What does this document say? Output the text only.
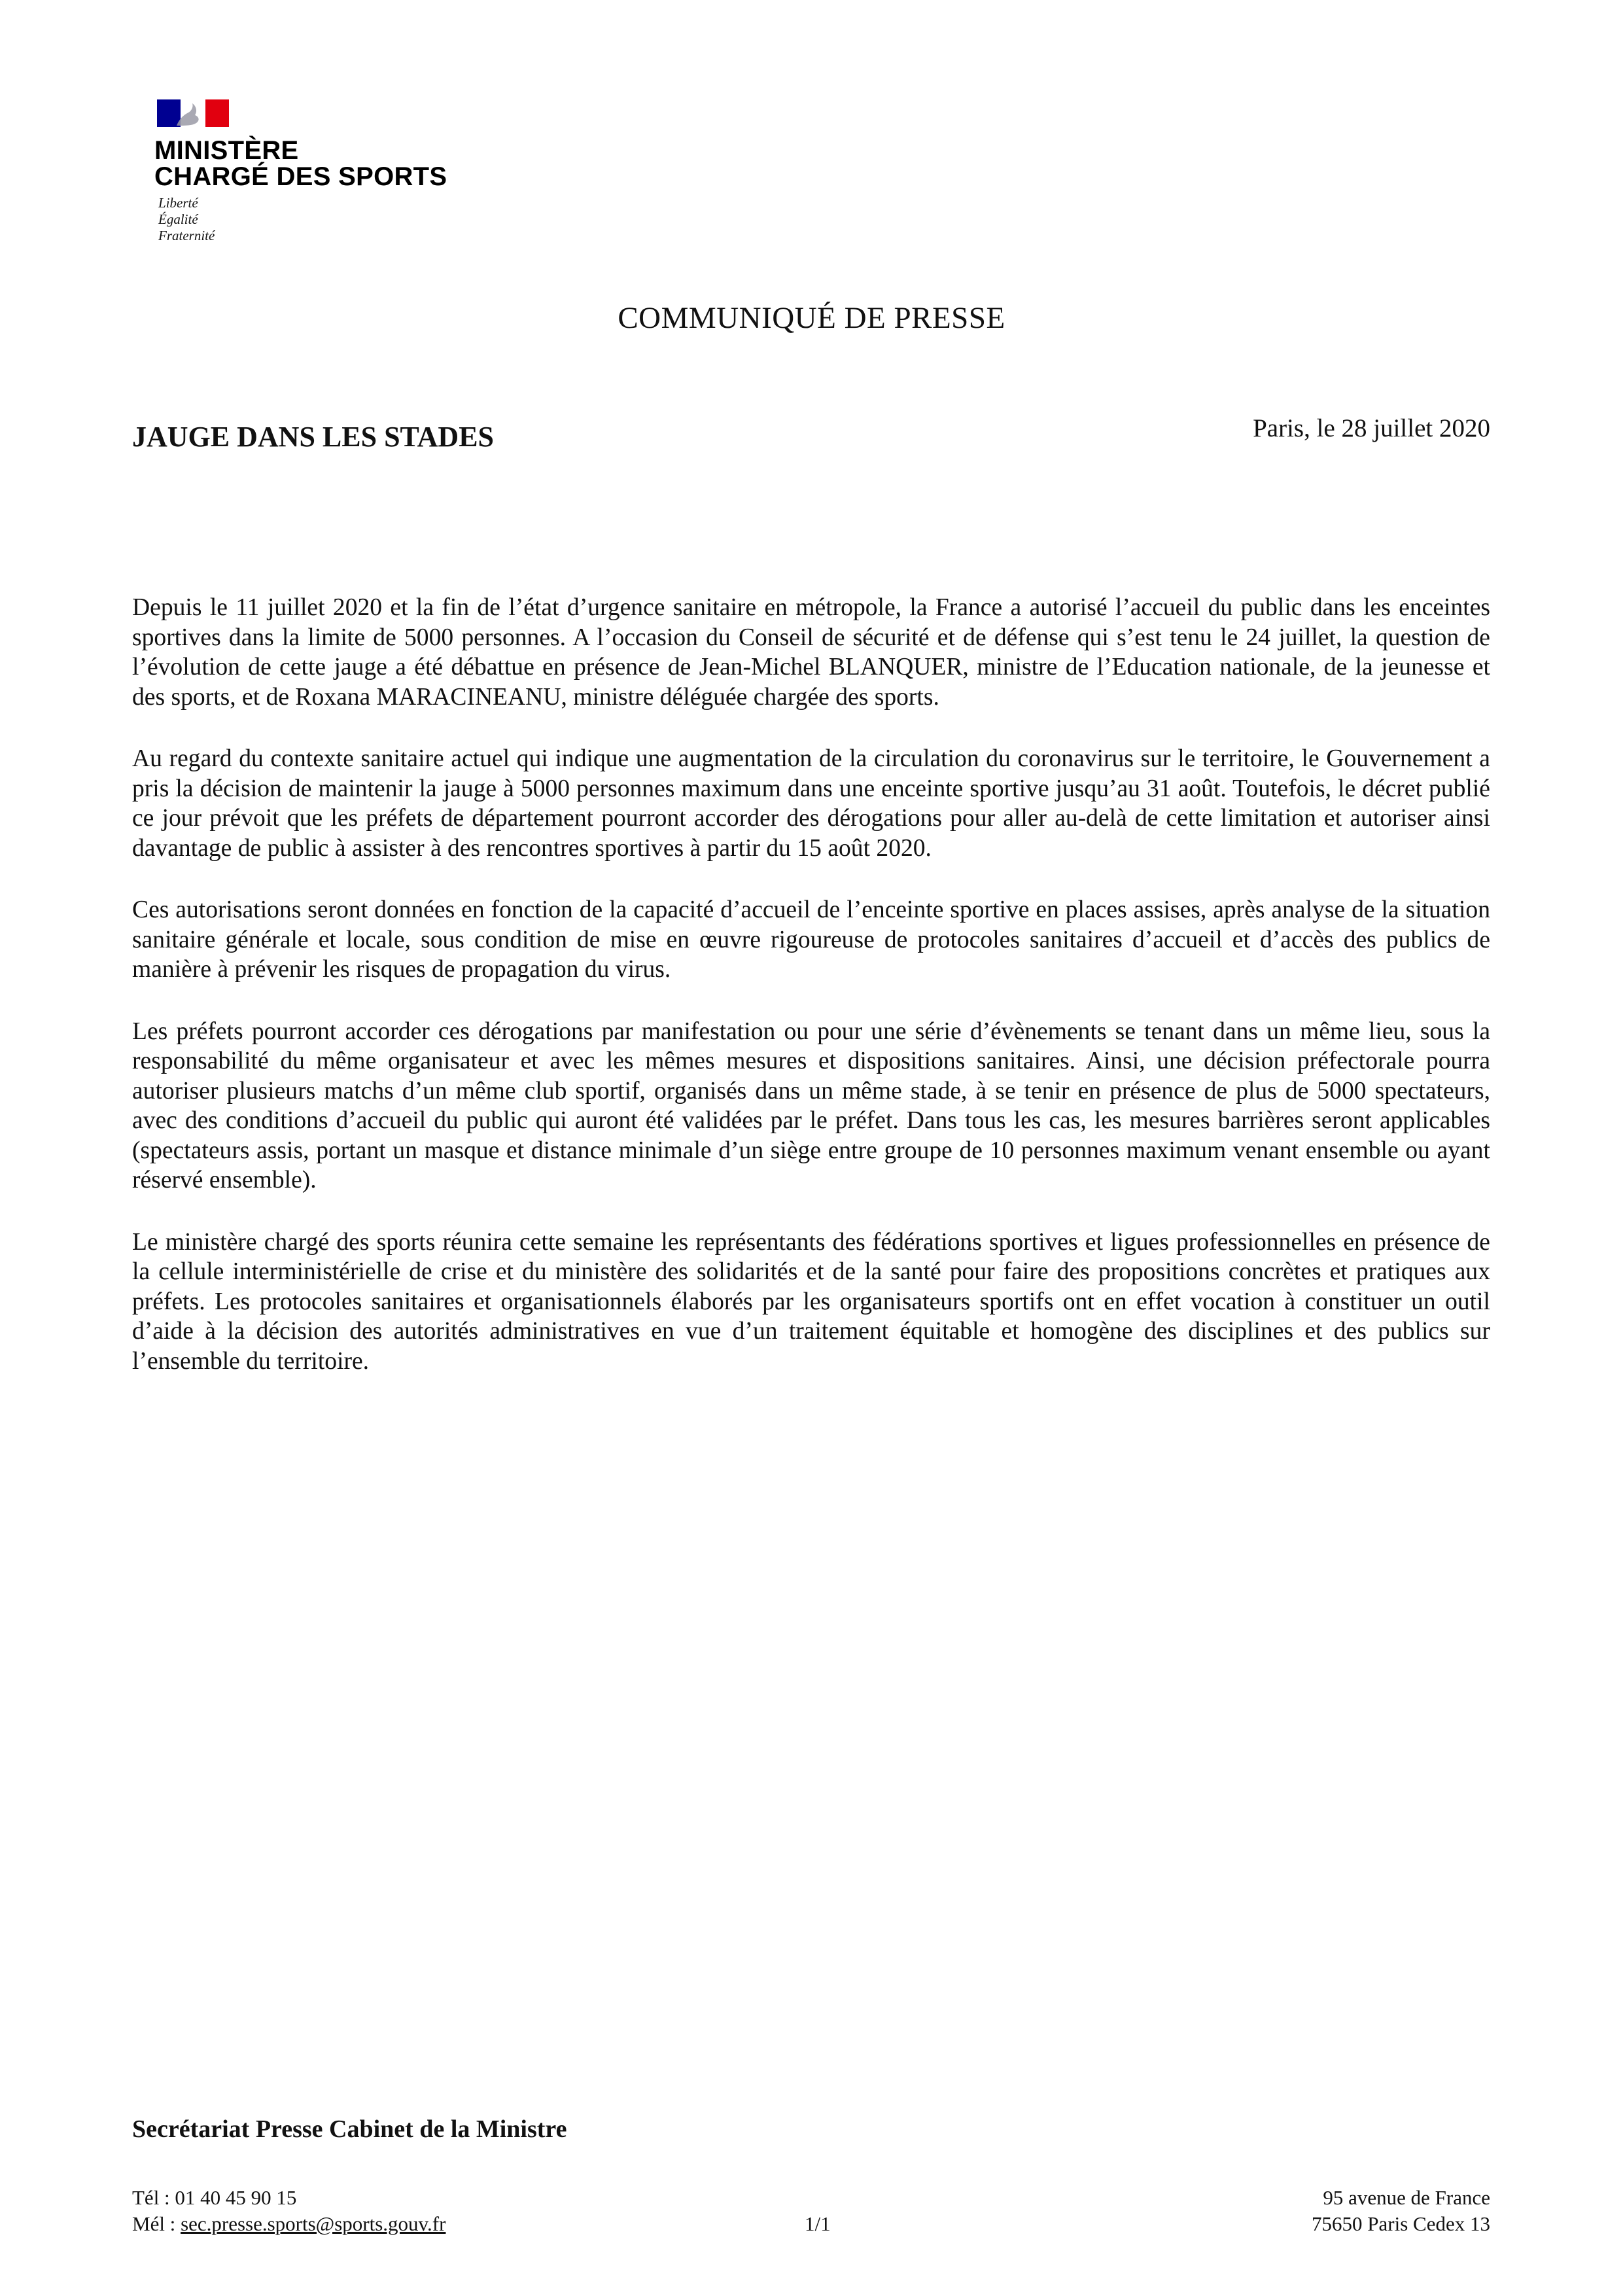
MINISTÈRE
CHARGÉ DES SPORTS
Liberté
Égalité
Fraternité
COMMUNIQUÉ DE PRESSE
JAUGE DANS LES STADES	Paris, le 28 juillet 2020

Depuis le 11 juillet 2020 et la fin de l’état d’urgence sanitaire en métropole, la France a autorisé l’accueil du public dans les enceintes sportives dans la limite de 5000 personnes. A l’occasion du Conseil de sécurité et de défense qui s’est tenu le 24 juillet, la question de l’évolution de cette jauge a été débattue en présence de Jean-Michel BLANQUER, ministre de l’Education nationale, de la jeunesse et des sports, et de Roxana MARACINEANU, ministre déléguée chargée des sports.

Au regard du contexte sanitaire actuel qui indique une augmentation de la circulation du coronavirus sur le territoire, le Gouvernement a pris la décision de maintenir la jauge à 5000 personnes maximum dans une enceinte sportive jusqu’au 31 août. Toutefois, le décret publié ce jour prévoit que les préfets de département pourront accorder des dérogations pour aller au-delà de cette limitation et autoriser ainsi davantage de public à assister à des rencontres sportives à partir du 15 août 2020.

Ces autorisations seront données en fonction de la capacité d’accueil de l’enceinte sportive en places assises, après analyse de la situation sanitaire générale et locale, sous condition de mise en œuvre rigoureuse de protocoles sanitaires d’accueil et d’accès des publics de manière à prévenir les risques de propagation du virus.

Les préfets pourront accorder ces dérogations par manifestation ou pour une série d’évènements se tenant dans un même lieu, sous la responsabilité du même organisateur et avec les mêmes mesures et dispositions sanitaires. Ainsi, une décision préfectorale pourra autoriser plusieurs matchs d’un même club sportif, organisés dans un même stade, à se tenir en présence de plus de 5000 spectateurs, avec des conditions d’accueil du public qui auront été validées par le préfet. Dans tous les cas, les mesures barrières seront applicables (spectateurs assis, portant un masque et distance minimale d’un siège entre groupe de 10 personnes maximum venant ensemble ou ayant réservé ensemble).

Le ministère chargé des sports réunira cette semaine les représentants des fédérations sportives et ligues professionnelles en présence de la cellule interministérielle de crise et du ministère des solidarités et de la santé pour faire des propositions concrètes et pratiques aux préfets. Les protocoles sanitaires et organisationnels élaborés par les organisateurs sportifs ont en effet vocation à constituer un outil d’aide à la décision des autorités administratives en vue d’un traitement équitable et homogène des disciplines et des publics sur l’ensemble du territoire.

Secrétariat Presse Cabinet de la Ministre
Tél : 01 40 45 90 15
Mél : sec.presse.sports@sports.gouv.fr	1/1
95 avenue de France
75650 Paris Cedex 13
